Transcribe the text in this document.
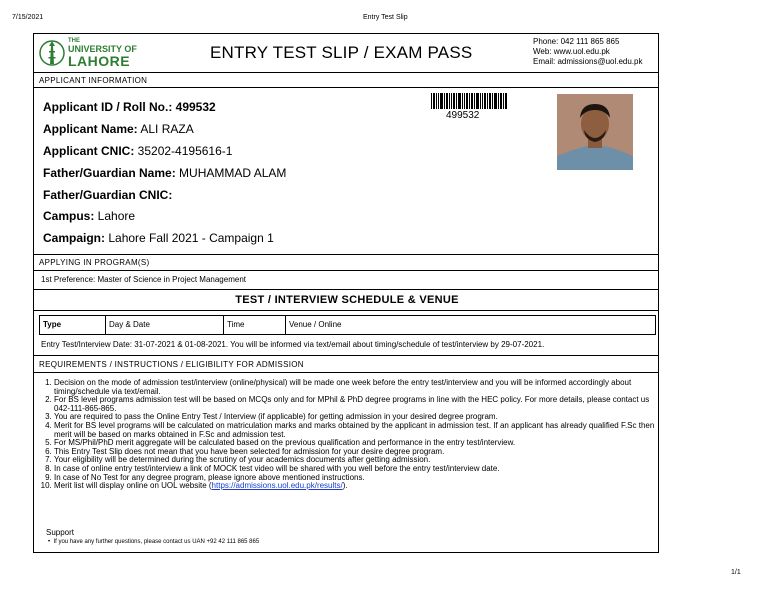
7/15/2021	Entry Test Slip
THE
UNIVERSITY OF
LAHORE	ENTRY TEST SLIP / EXAM PASS
Phone: 042 111 865 865
Web: www.uol.edu.pk
Email: admissions@uol.edu.pk
APPLICANT INFORMATION
Applicant ID / Roll No.: 499532
Applicant Name: ALI RAZA
Applicant CNIC: 35202-4195616-1
Father/Guardian Name: MUHAMMAD ALAM
Father/Guardian CNIC:
Campus: Lahore
Campaign: Lahore Fall 2021 - Campaign 1
499532
APPLYING IN PROGRAM(S)
1st Preference: Master of Science in Project Management
TEST / INTERVIEW SCHEDULE & VENUE
Type	Day & Date	Time	Venue / Online
Entry Test/Interview Date: 31-07-2021 & 01-08-2021. You will be informed via text/email about timing/schedule of test/interview by 29-07-2021.
REQUIREMENTS / INSTRUCTIONS / ELIGIBILITY FOR ADMISSION
1. Decision on the mode of admission test/interview (online/physical) will be made one week before the entry test/interview and you will be informed accordingly about timing/schedule via text/email.
2. For BS level programs admission test will be based on MCQs only and for MPhil & PhD degree programs in line with the HEC policy. For more details, please contact us 042-111-865-865.
3. You are required to pass the Online Entry Test / Interview (if applicable) for getting admission in your desired degree program.
4. Merit for BS level programs will be calculated on matriculation marks and marks obtained by the applicant in admission test. If an applicant has already qualified F.Sc then merit will be based on marks obtained in F.Sc and admission test.
5. For MS/Phil/PhD merit aggregate will be calculated based on the previous qualification and performance in the entry test/interview.
6. This Entry Test Slip does not mean that you have been selected for admission for your desire degree program.
7. Your eligibility will be determined during the scrutiny of your academics documents after getting admission.
8. In case of online entry test/interview a link of MOCK test video will be shared with you well before the entry test/interview date.
9. In case of No Test for any degree program, please ignore above mentioned instructions.
10. Merit list will display online on UOL website (https://admissions.uol.edu.pk/results/).
Support
•  If you have any further questions, please contact us UAN +92 42 111 865 865
1/1
